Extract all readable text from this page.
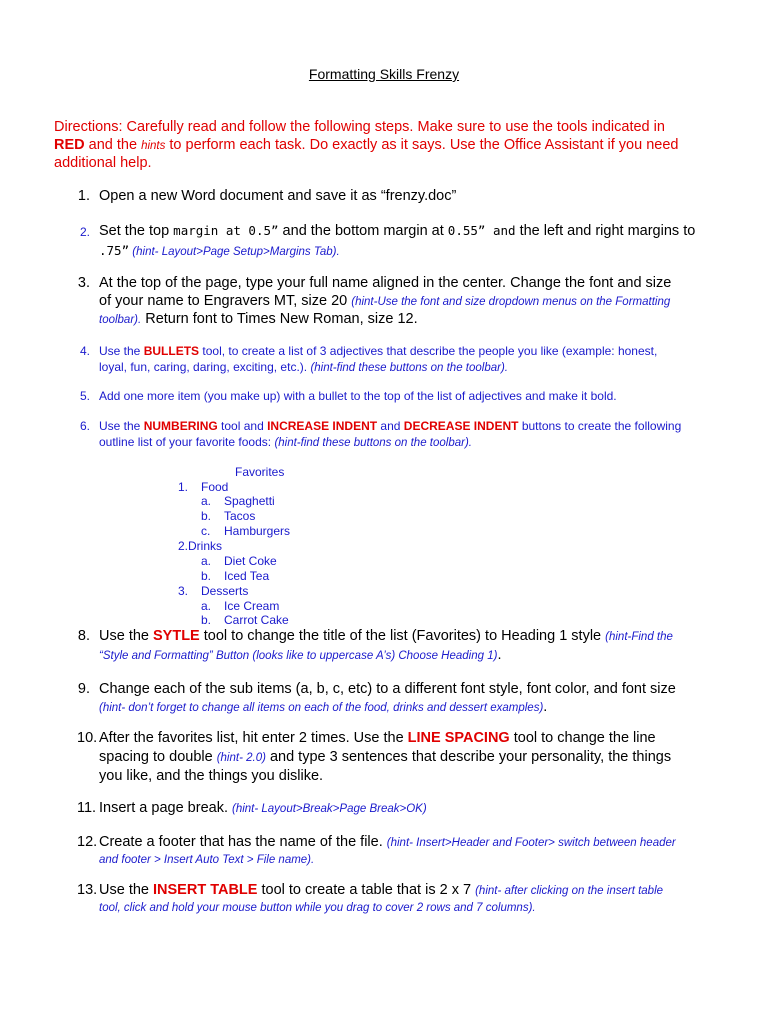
Formatting Skills Frenzy
Directions: Carefully read and follow the following steps. Make sure to use the tools indicated in
RED and the hints to perform each task. Do exactly as it says. Use the Office Assistant if you need
additional help.
1. Open a new Word document and save it as “frenzy.doc”
2. Set the top margin at 0.5” and the bottom margin at 0.55” and the left and right margins to
.75” (hint- Layout>Page Setup>Margins Tab).
3. At the top of the page, type your full name aligned in the center. Change the font and size
of your name to Engravers MT, size 20 (hint-Use the font and size dropdown menus on the Formatting
toolbar). Return font to Times New Roman, size 12.
4. Use the BULLETS tool, to create a list of 3 adjectives that describe the people you like (example: honest,
loyal, fun, caring, daring, exciting, etc.). (hint-find these buttons on the toolbar).
5. Add one more item (you make up) with a bullet to the top of the list of adjectives and make it bold.
6. Use the NUMBERING tool and INCREASE INDENT and DECREASE INDENT buttons to create the following
outline list of your favorite foods: (hint-find these buttons on the toolbar).
Favorites
1. Food
a. Spaghetti
b. Tacos
c. Hamburgers
2.Drinks
a. Diet Coke
b. Iced Tea
3. Desserts
a. Ice Cream
b. Carrot Cake
8. Use the SYTLE tool to change the title of the list (Favorites) to Heading 1 style (hint-Find the
“Style and Formatting” Button (looks like to uppercase A’s) Choose Heading 1).
9. Change each of the sub items (a, b, c, etc) to a different font style, font color, and font size
(hint- don’t forget to change all items on each of the food, drinks and dessert examples).
10. After the favorites list, hit enter 2 times. Use the LINE SPACING tool to change the line
spacing to double (hint- 2.0) and type 3 sentences that describe your personality, the things
you like, and the things you dislike.
11. Insert a page break. (hint- Layout>Break>Page Break>OK)
12. Create a footer that has the name of the file. (hint- Insert>Header and Footer> switch between header
and footer > Insert Auto Text > File name).
13. Use the INSERT TABLE tool to create a table that is 2 x 7 (hint- after clicking on the insert table
tool, click and hold your mouse button while you drag to cover 2 rows and 7 columns).
